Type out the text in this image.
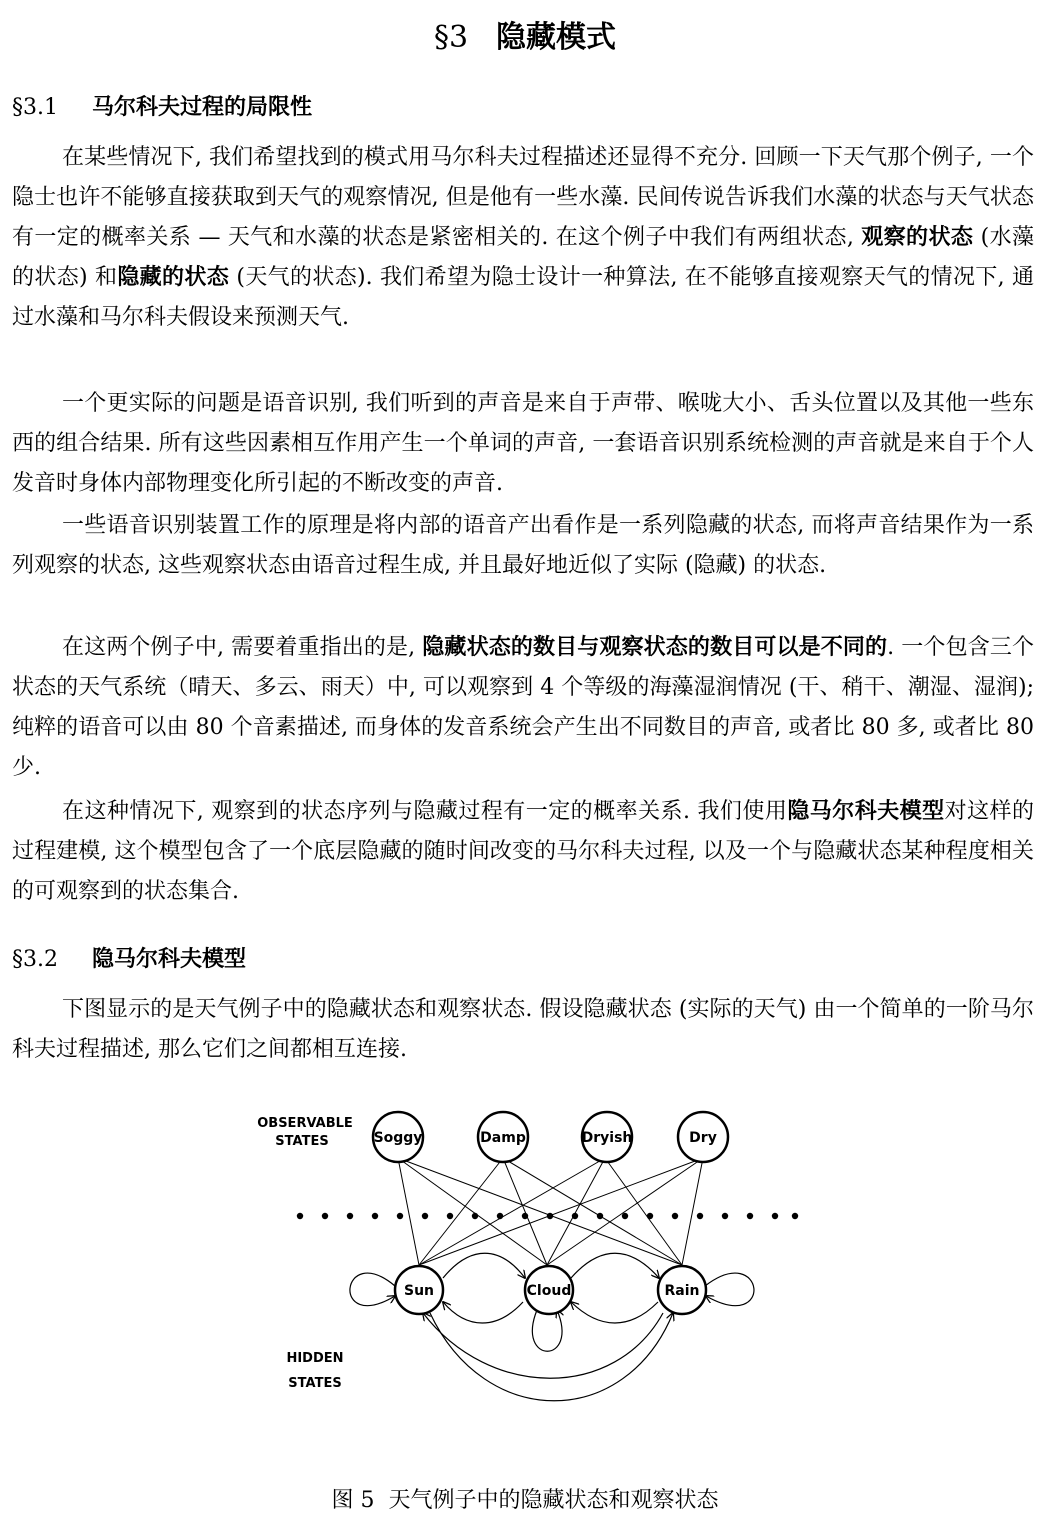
§3 隐藏模式
§3.1 马尔科夫过程的局限性

在某些情况下, 我们希望找到的模式用马尔科夫过程描述还显得不充分. 回顾一下天气那个例子, 一个隐士也许不能够直接获取到天气的观察情况, 但是他有一些水藻. 民间传说告诉我们水藻的状态与天气状态有一定的概率关系 — 天气和水藻的状态是紧密相关的. 在这个例子中我们有两组状态, 观察的状态 (水藻的状态) 和隐藏的状态 (天气的状态). 我们希望为隐士设计一种算法, 在不能够直接观察天气的情况下, 通过水藻和马尔科夫假设来预测天气.

一个更实际的问题是语音识别, 我们听到的声音是来自于声带、喉咙大小、舌头位置以及其他一些东西的组合结果. 所有这些因素相互作用产生一个单词的声音, 一套语音识别系统检测的声音就是来自于个人发音时身体内部物理变化所引起的不断改变的声音.

一些语音识别装置工作的原理是将内部的语音产出看作是一系列隐藏的状态, 而将声音结果作为一系列观察的状态, 这些观察状态由语音过程生成, 并且最好地近似了实际 (隐藏) 的状态.

在这两个例子中, 需要着重指出的是, 隐藏状态的数目与观察状态的数目可以是不同的. 一个包含三个状态的天气系统（晴天、多云、雨天）中, 可以观察到 4 个等级的海藻湿润情况 (干、稍干、潮湿、湿润); 纯粹的语音可以由 80 个音素描述, 而身体的发音系统会产生出不同数目的声音, 或者比 80 多, 或者比 80 少.

在这种情况下, 观察到的状态序列与隐藏过程有一定的概率关系. 我们使用隐马尔科夫模型对这样的过程建模, 这个模型包含了一个底层隐藏的随时间改变的马尔科夫过程, 以及一个与隐藏状态某种程度相关的可观察到的状态集合.

§3.2 隐马尔科夫模型

下图显示的是天气例子中的隐藏状态和观察状态. 假设隐藏状态 (实际的天气) 由一个简单的一阶马尔科夫过程描述, 那么它们之间都相互连接.

Soggy	Damp	Dryish	Dry
Sun	Cloud	Rain
OBSERVABLE
STATES
HIDDEN
STATES
图 5 天气例子中的隐藏状态和观察状态
